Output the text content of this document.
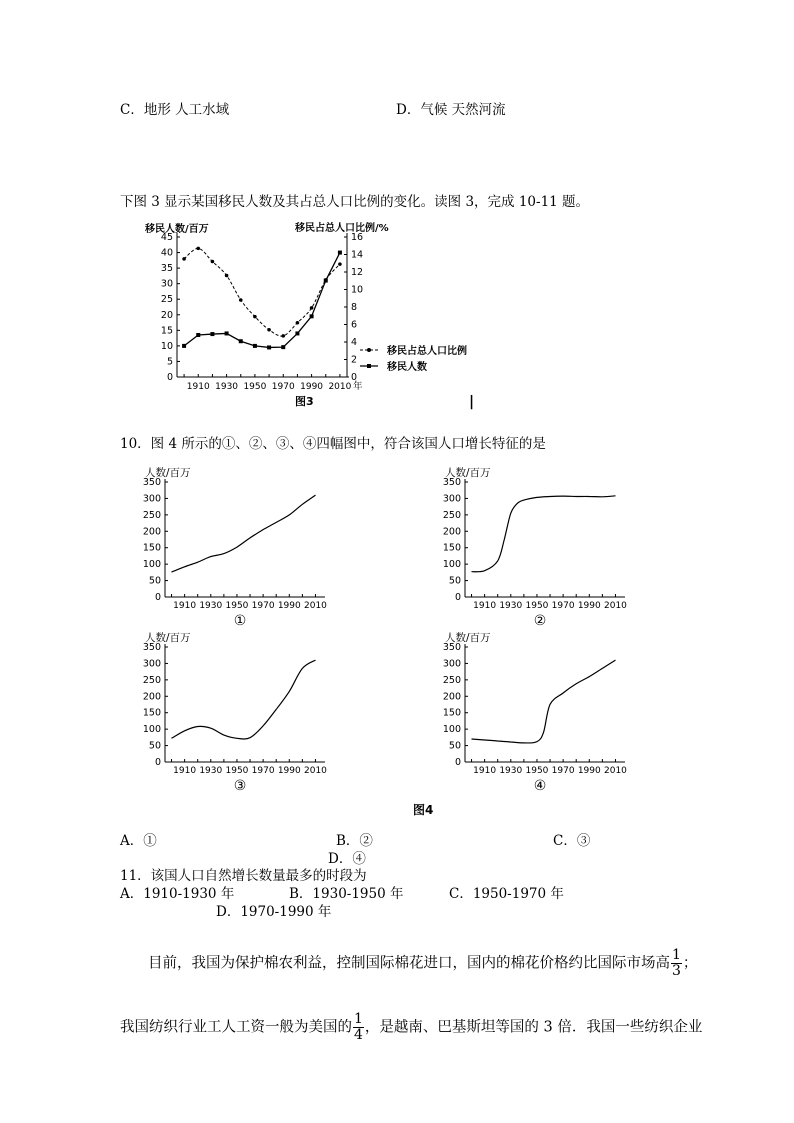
C．地形 人工水域	D．气候 天然河流
下图 3 显示某国移民人数及其占总人口比例的变化。读图 3，完成 10-11 题。
移民人数/百万	移民占总人口比例/%
0
5
10
15
20
25
30
35
40
45
0
2
4
6
8
10
12
14
16
1910 1930 1950 1970 1990 2010 年
移民占总人口比例
移民人数
图3	|
10．图 4 所示的①、②、③、④四幅图中，符合该国人口增长特征的是
人数/百万
0
50
100
150
200
250
300
350
1910 1930 1950 1970 1990 2010
①
人数/百万
0
50
100
150
200
250
300
350
1910 1930 1950 1970 1990 2010
②
人数/百万
0
50
100
150
200
250
300
350
1910 1930 1950 1970 1990 2010
③
人数/百万
0
50
100
150
200
250
300
350
1910 1930 1950 1970 1990 2010
④
图4
A．①	B．②	C．③
D．④
11．该国人口自然增长数量最多的时段为
A．1910-1930 年	B．1930-1950 年	C．1950-1970 年
D．1970-1990 年
目前，我国为保护棉农利益，控制国际棉花进口，国内的棉花价格约比国际市场高 $\frac{1}{3}$ ；
我国纺织行业工人工资一般为美国的 $\frac{1}{4}$ ，是越南、巴基斯坦等国的 3 倍．我国一些纺织企业
